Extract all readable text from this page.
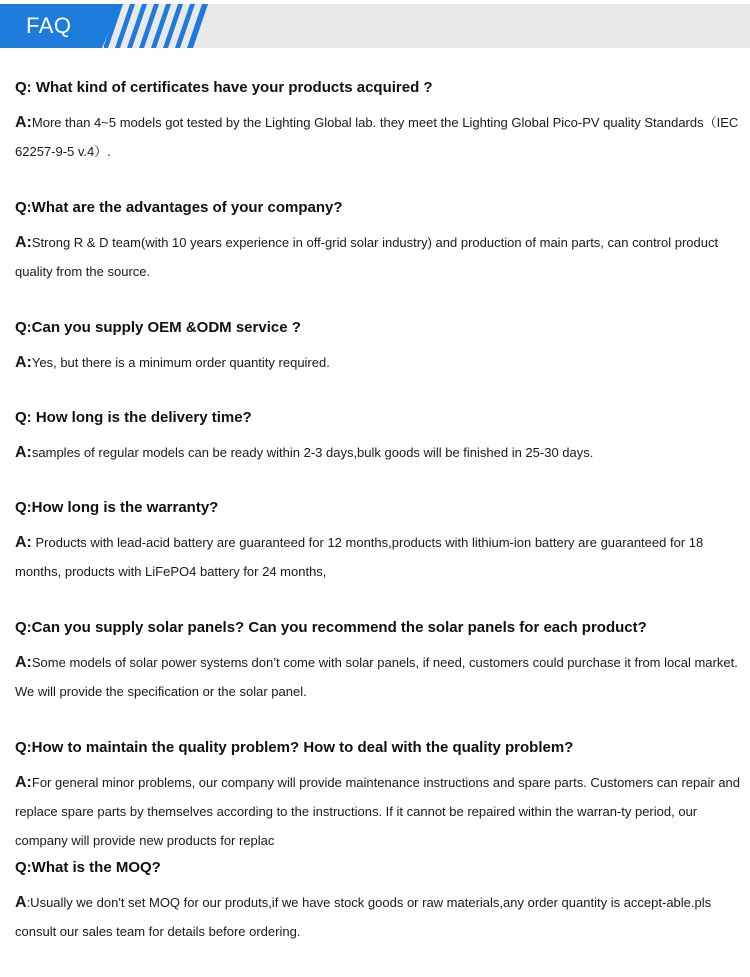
FAQ
Q: What kind of certificates have your products acquired ?
A:More than 4~5 models got tested by the Lighting Global lab. they meet the Lighting Global Pico-PV quality Standards（IEC 62257-9-5 v.4）.
Q:What are the advantages of your company?
A:Strong R & D team(with 10 years experience in off-grid solar industry) and production of main parts, can control product quality from the source.
Q:Can you supply OEM &ODM service ?
A:Yes, but there is a minimum order quantity required.
Q: How long is the delivery time?
A:samples of regular models can be ready within 2-3 days,bulk goods will be finished in 25-30 days.
Q:How long is the warranty?
A: Products with lead-acid battery are guaranteed for 12 months,products with lithium-ion battery are guaranteed for 18 months, products with LiFePO4 battery for 24 months,
Q:Can you supply solar panels? Can you recommend the solar panels for each product?
A:Some models of solar power systems don’t come with solar panels, if need, customers could purchase it from local market. We will provide the specification or the solar panel.
Q:How to maintain the quality problem? How to deal with the quality problem?
A:For general minor problems, our company will provide maintenance instructions and spare parts. Customers can repair and replace spare parts by themselves according to the instructions. If it cannot be repaired within the warran-ty period, our company will provide new products for replac
Q:What is the MOQ?
A:Usually we don't set MOQ for our produts,if we have stock goods or raw materials,any order quantity is accept-able.pls consult our sales team for details before ordering.
